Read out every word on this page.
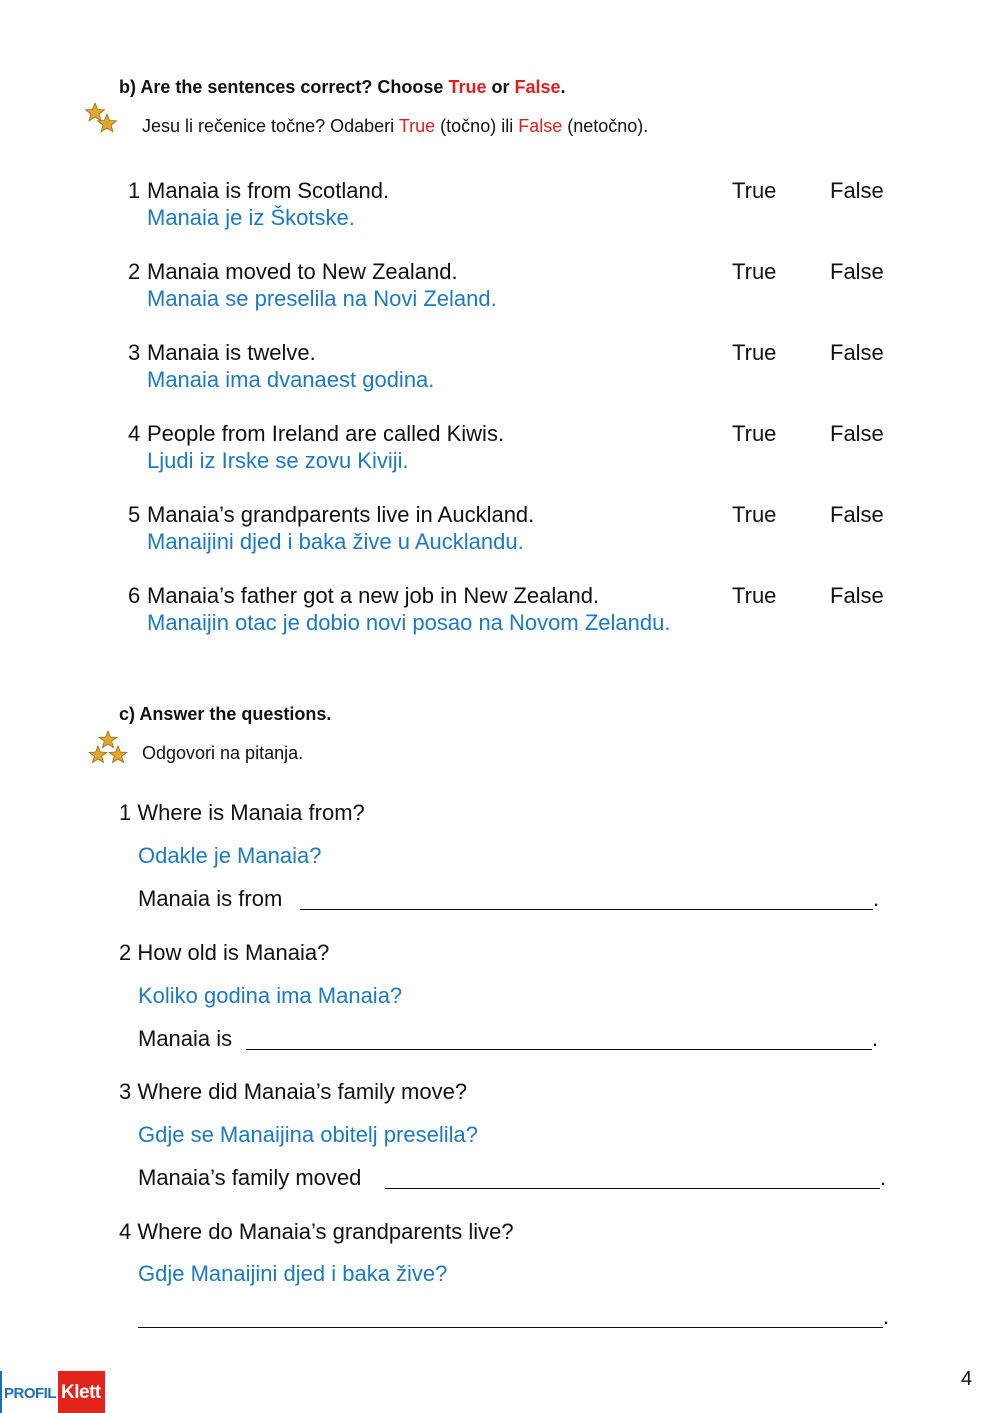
b) Are the sentences correct? Choose True or False.
Jesu li rečenice točne? Odaberi True (točno) ili False (netočno).
1 Manaia is from Scotland.
Manaia je iz Škotske.
True False
2 Manaia moved to New Zealand.
Manaia se preselila na Novi Zeland.
True False
3 Manaia is twelve.
Manaia ima dvanaest godina.
True False
4 People from Ireland are called Kiwis.
Ljudi iz Irske se zovu Kiviji.
True False
5 Manaia’s grandparents live in Auckland.
Manaijini djed i baka žive u Aucklandu.
True False
6 Manaia’s father got a new job in New Zealand.
Manaijin otac je dobio novi posao na Novom Zelandu.
True False
c) Answer the questions.
Odgovori na pitanja.
1 Where is Manaia from?
Odakle je Manaia?
Manaia is from	.
2 How old is Manaia?
Koliko godina ima Manaia?
Manaia is	.
3 Where did Manaia’s family move?
Gdje se Manaijina obitelj preselila?
Manaia’s family moved	.
4 Where do Manaia’s grandparents live?
Gdje Manaijini djed i baka žive?
.
PROFIL Klett
4
